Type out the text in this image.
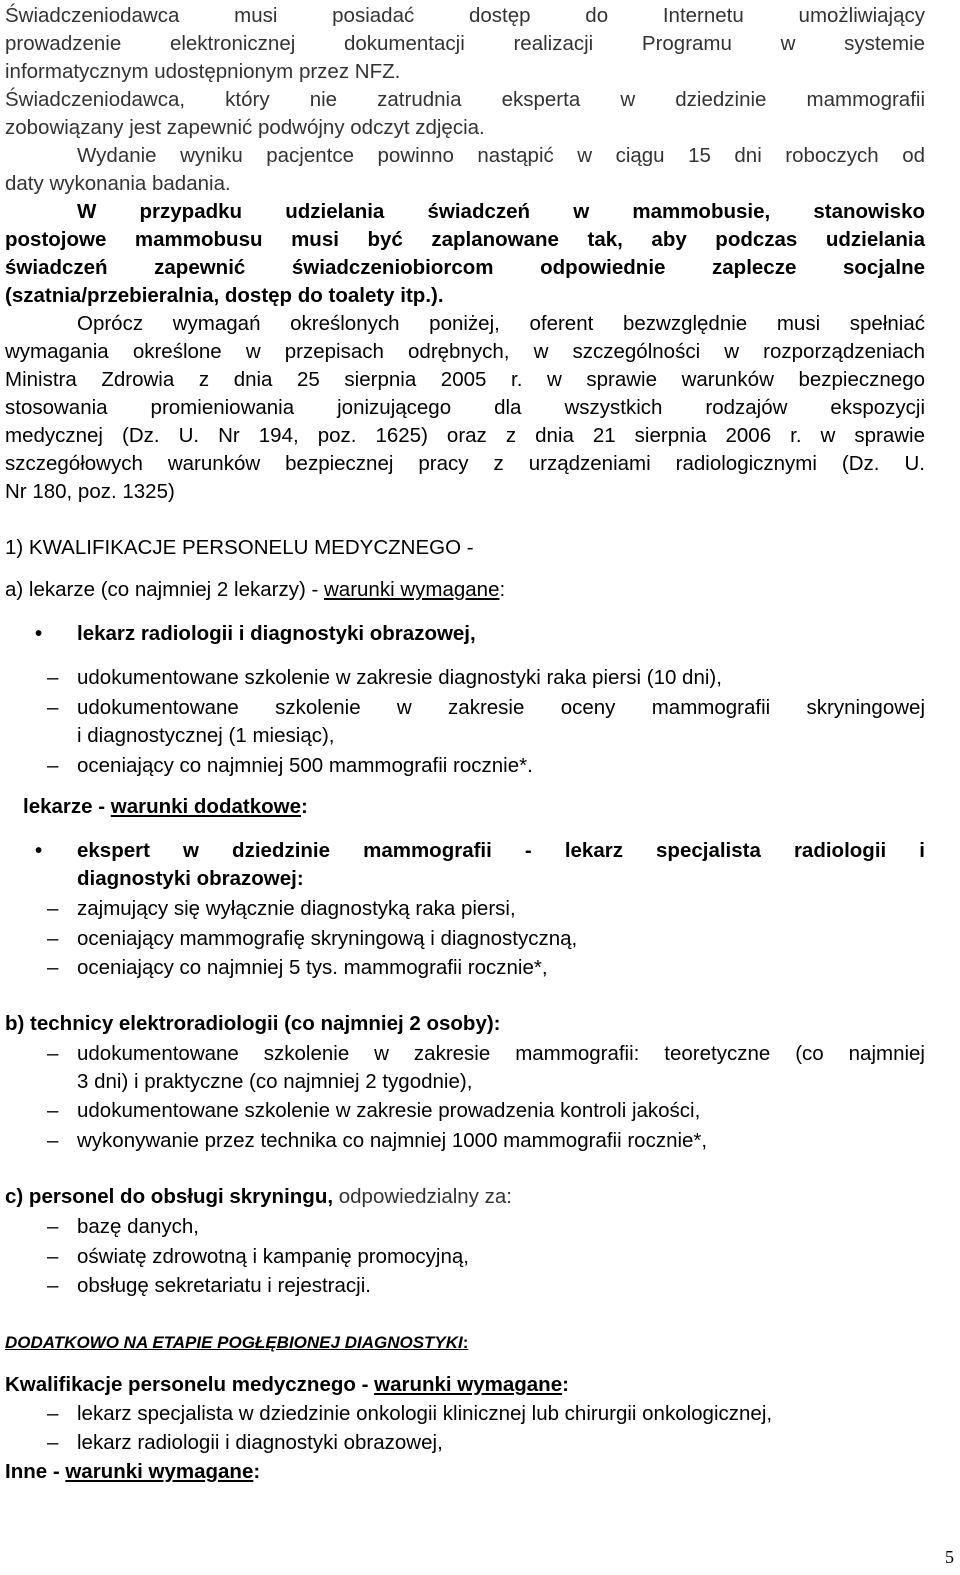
Świadczeniodawca musi posiadać dostęp do Internetu umożliwiający
prowadzenie elektronicznej dokumentacji realizacji Programu w systemie
informatycznym udostępnionym przez NFZ.
Świadczeniodawca, który nie zatrudnia eksperta w dziedzinie mammografii
zobowiązany jest zapewnić podwójny odczyt zdjęcia.
Wydanie wyniku pacjentce powinno nastąpić w ciągu 15 dni roboczych od
daty wykonania badania.
W przypadku udzielania świadczeń w mammobusie, stanowisko
postojowe mammobusu musi być zaplanowane tak, aby podczas udzielania
świadczeń zapewnić świadczeniobiorcom odpowiednie zaplecze socjalne
(szatnia/przebieralnia, dostęp do toalety itp.).
Oprócz wymagań określonych poniżej, oferent bezwzględnie musi spełniać
wymagania określone w przepisach odrębnych, w szczególności w rozporządzeniach
Ministra Zdrowia z dnia 25 sierpnia 2005 r. w sprawie warunków bezpiecznego
stosowania promieniowania jonizującego dla wszystkich rodzajów ekspozycji
medycznej (Dz. U. Nr 194, poz. 1625) oraz z dnia 21 sierpnia 2006 r. w sprawie
szczegółowych warunków bezpiecznej pracy z urządzeniami radiologicznymi (Dz. U.
Nr 180, poz. 1325)
1) KWALIFIKACJE PERSONELU MEDYCZNEGO -
a) lekarze (co najmniej 2 lekarzy) - warunki wymagane:
•	lekarz radiologii i diagnostyki obrazowej,
– udokumentowane szkolenie w zakresie diagnostyki raka piersi (10 dni),
– udokumentowane szkolenie w zakresie oceny mammografii skryningowej
i diagnostycznej (1 miesiąc),
– oceniający co najmniej 500 mammografii rocznie*.
lekarze - warunki dodatkowe:
•	ekspert w dziedzinie mammografii - lekarz specjalista radiologii i
diagnostyki obrazowej:
– zajmujący się wyłącznie diagnostyką raka piersi,
– oceniający mammografię skryningową i diagnostyczną,
– oceniający co najmniej 5 tys. mammografii rocznie*,
b) technicy elektroradiologii (co najmniej 2 osoby):
– udokumentowane szkolenie w zakresie mammografii: teoretyczne (co najmniej
3 dni) i praktyczne (co najmniej 2 tygodnie),
– udokumentowane szkolenie w zakresie prowadzenia kontroli jakości,
– wykonywanie przez technika co najmniej 1000 mammografii rocznie*,
c) personel do obsługi skryningu, odpowiedzialny za:
– bazę danych,
– oświatę zdrowotną i kampanię promocyjną,
– obsługę sekretariatu i rejestracji.
DODATKOWO NA ETAPIE POGŁĘBIONEJ DIAGNOSTYKI:
Kwalifikacje personelu medycznego - warunki wymagane:
– lekarz specjalista w dziedzinie onkologii klinicznej lub chirurgii onkologicznej,
– lekarz radiologii i diagnostyki obrazowej,
Inne - warunki wymagane:
5
